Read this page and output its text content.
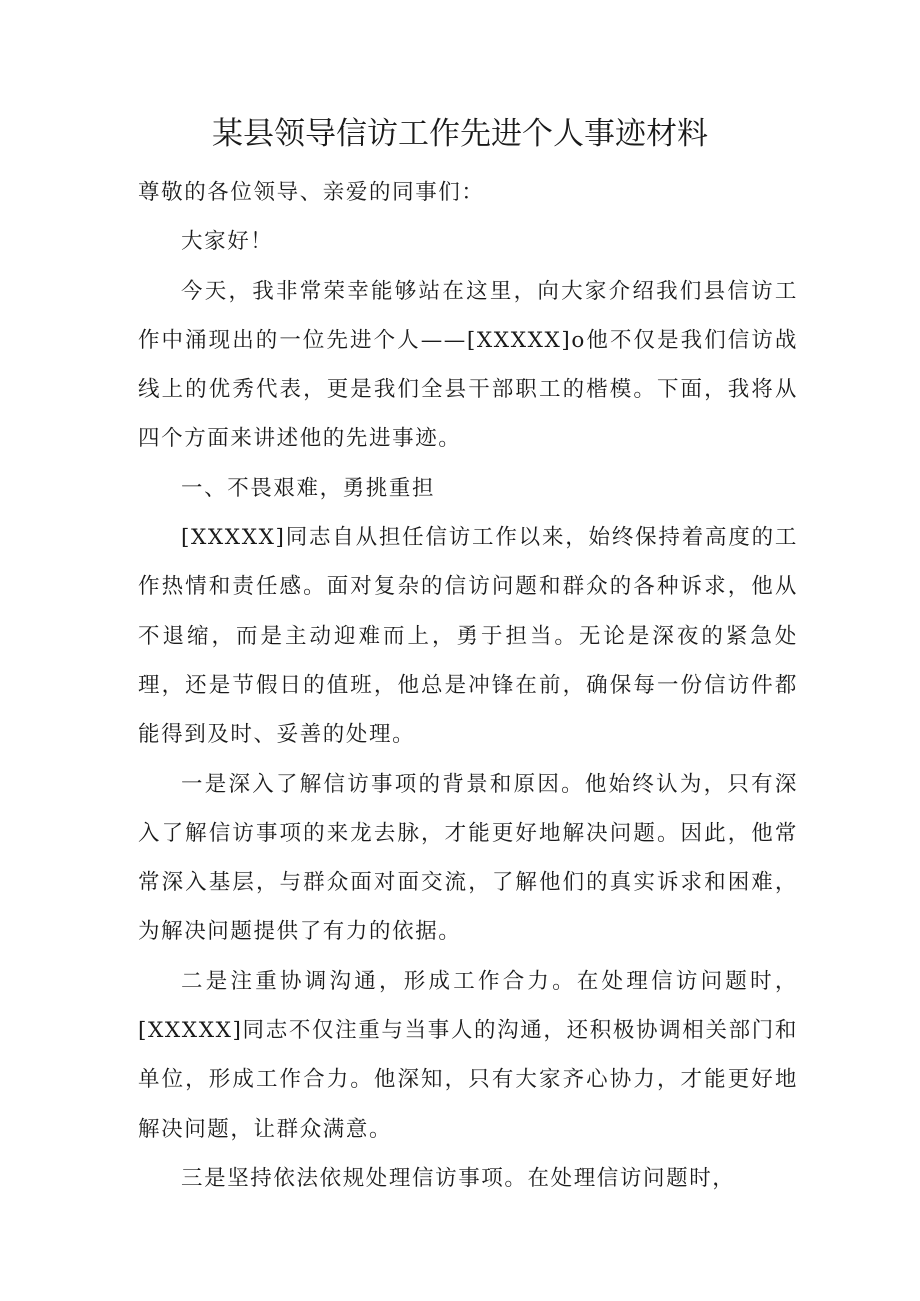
某县领导信访工作先进个人事迹材料

尊敬的各位领导、亲爱的同事们：

大家好！

今天，我非常荣幸能够站在这里，向大家介绍我们县信访工作中涌现出的一位先进个人——[XXXXX]o他不仅是我们信访战线上的优秀代表，更是我们全县干部职工的楷模。下面，我将从四个方面来讲述他的先进事迹。

一、不畏艰难，勇挑重担

[XXXXX]同志自从担任信访工作以来，始终保持着高度的工作热情和责任感。面对复杂的信访问题和群众的各种诉求，他从不退缩，而是主动迎难而上，勇于担当。无论是深夜的紧急处理，还是节假日的值班，他总是冲锋在前，确保每一份信访件都能得到及时、妥善的处理。

一是深入了解信访事项的背景和原因。他始终认为，只有深入了解信访事项的来龙去脉，才能更好地解决问题。因此，他常常深入基层，与群众面对面交流，了解他们的真实诉求和困难，为解决问题提供了有力的依据。

二是注重协调沟通，形成工作合力。在处理信访问题时，[XXXXX]同志不仅注重与当事人的沟通，还积极协调相关部门和单位，形成工作合力。他深知，只有大家齐心协力，才能更好地解决问题，让群众满意。

三是坚持依法依规处理信访事项。在处理信访问题时，
